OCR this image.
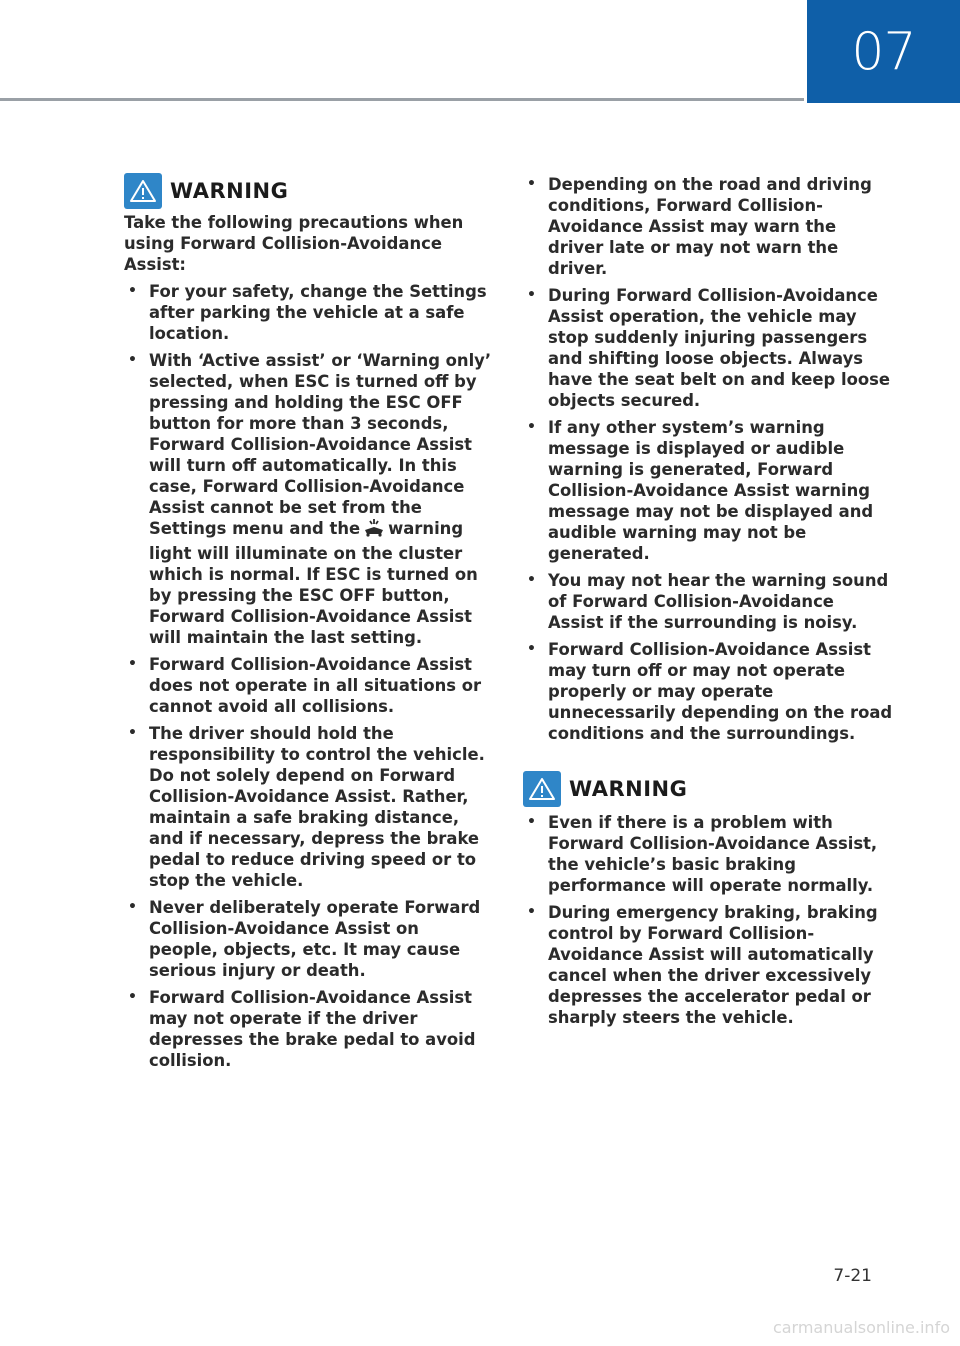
07
WARNING

Take the following precautions when using Forward Collision-Avoidance Assist:

• For your safety, change the Settings after parking the vehicle at a safe location.
• With ‘Active assist’ or ‘Warning only’ selected, when ESC is turned off by pressing and holding the ESC OFF button for more than 3 seconds, Forward Collision-Avoidance Assist will turn off automatically. In this case, Forward Collision-Avoidance Assist cannot be set from the Settings menu and the warning light will illuminate on the cluster which is normal. If ESC is turned on by pressing the ESC OFF button, Forward Collision-Avoidance Assist will maintain the last setting.
• Forward Collision-Avoidance Assist does not operate in all situations or cannot avoid all collisions.
• The driver should hold the responsibility to control the vehicle. Do not solely depend on Forward Collision-Avoidance Assist. Rather, maintain a safe braking distance, and if necessary, depress the brake pedal to reduce driving speed or to stop the vehicle.
• Never deliberately operate Forward Collision-Avoidance Assist on people, objects, etc. It may cause serious injury or death.
• Forward Collision-Avoidance Assist may not operate if the driver depresses the brake pedal to avoid collision.
• Depending on the road and driving conditions, Forward Collision-Avoidance Assist may warn the driver late or may not warn the driver.
• During Forward Collision-Avoidance Assist operation, the vehicle may stop suddenly injuring passengers and shifting loose objects. Always have the seat belt on and keep loose objects secured.
• If any other system’s warning message is displayed or audible warning is generated, Forward Collision-Avoidance Assist warning message may not be displayed and audible warning may not be generated.
• You may not hear the warning sound of Forward Collision-Avoidance Assist if the surrounding is noisy.
• Forward Collision-Avoidance Assist may turn off or may not operate properly or may operate unnecessarily depending on the road conditions and the surroundings.
WARNING
• Even if there is a problem with Forward Collision-Avoidance Assist, the vehicle’s basic braking performance will operate normally.
• During emergency braking, braking control by Forward Collision-Avoidance Assist will automatically cancel when the driver excessively depresses the accelerator pedal or sharply steers the vehicle.
7-21
carmanualsonline.info
